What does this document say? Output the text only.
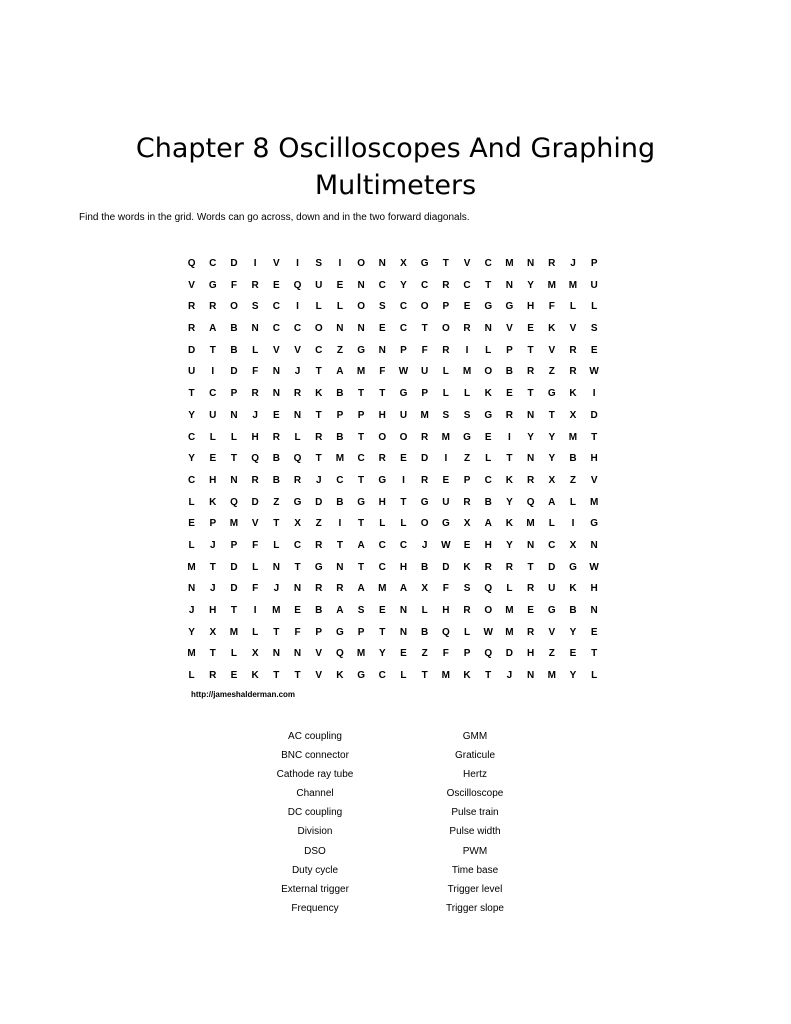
Chapter 8 Oscilloscopes And Graphing
Multimeters
Find the words in the grid. Words can go across, down and in the two forward diagonals.
Q	C	D	I	V	I	S	I	O	N	X	G	T	V	C	M	N	R	J	P
V	G	F	R	E	Q	U	E	N	C	Y	C	R	C	T	N	Y	M	M	U
R	R	O	S	C	I	L	L	O	S	C	O	P	E	G	G	H	F	L	L
R	A	B	N	C	C	O	N	N	E	C	T	O	R	N	V	E	K	V	S
D	T	B	L	V	V	C	Z	G	N	P	F	R	I	L	P	T	V	R	E
U	I	D	F	N	J	T	A	M	F	W	U	L	M	O	B	R	Z	R	W
T	C	P	R	N	R	K	B	T	T	G	P	L	L	K	E	T	G	K	I
Y	U	N	J	E	N	T	P	P	H	U	M	S	S	G	R	N	T	X	D
C	L	L	H	R	L	R	B	T	O	O	R	M	G	E	I	Y	Y	M	T
Y	E	T	Q	B	Q	T	M	C	R	E	D	I	Z	L	T	N	Y	B	H
C	H	N	R	B	R	J	C	T	G	I	R	E	P	C	K	R	X	Z	V
L	K	Q	D	Z	G	D	B	G	H	T	G	U	R	B	Y	Q	A	L	M
E	P	M	V	T	X	Z	I	T	L	L	O	G	X	A	K	M	L	I	G
L	J	P	F	L	C	R	T	A	C	C	J	W	E	H	Y	N	C	X	N
M	T	D	L	N	T	G	N	T	C	H	B	D	K	R	R	T	D	G	W
N	J	D	F	J	N	R	R	A	M	A	X	F	S	Q	L	R	U	K	H
J	H	T	I	M	E	B	A	S	E	N	L	H	R	O	M	E	G	B	N
Y	X	M	L	T	F	P	G	P	T	N	B	Q	L	W	M	R	V	Y	E
M	T	L	X	N	N	V	Q	M	Y	E	Z	F	P	Q	D	H	Z	E	T
L	R	E	K	T	T	V	K	G	C	L	T	M	K	T	J	N	M	Y	L
http://jameshalderman.com
AC coupling
BNC connector
Cathode ray tube
Channel
DC coupling
Division
DSO
Duty cycle
External trigger
Frequency
GMM
Graticule
Hertz
Oscilloscope
Pulse train
Pulse width
PWM
Time base
Trigger level
Trigger slope
